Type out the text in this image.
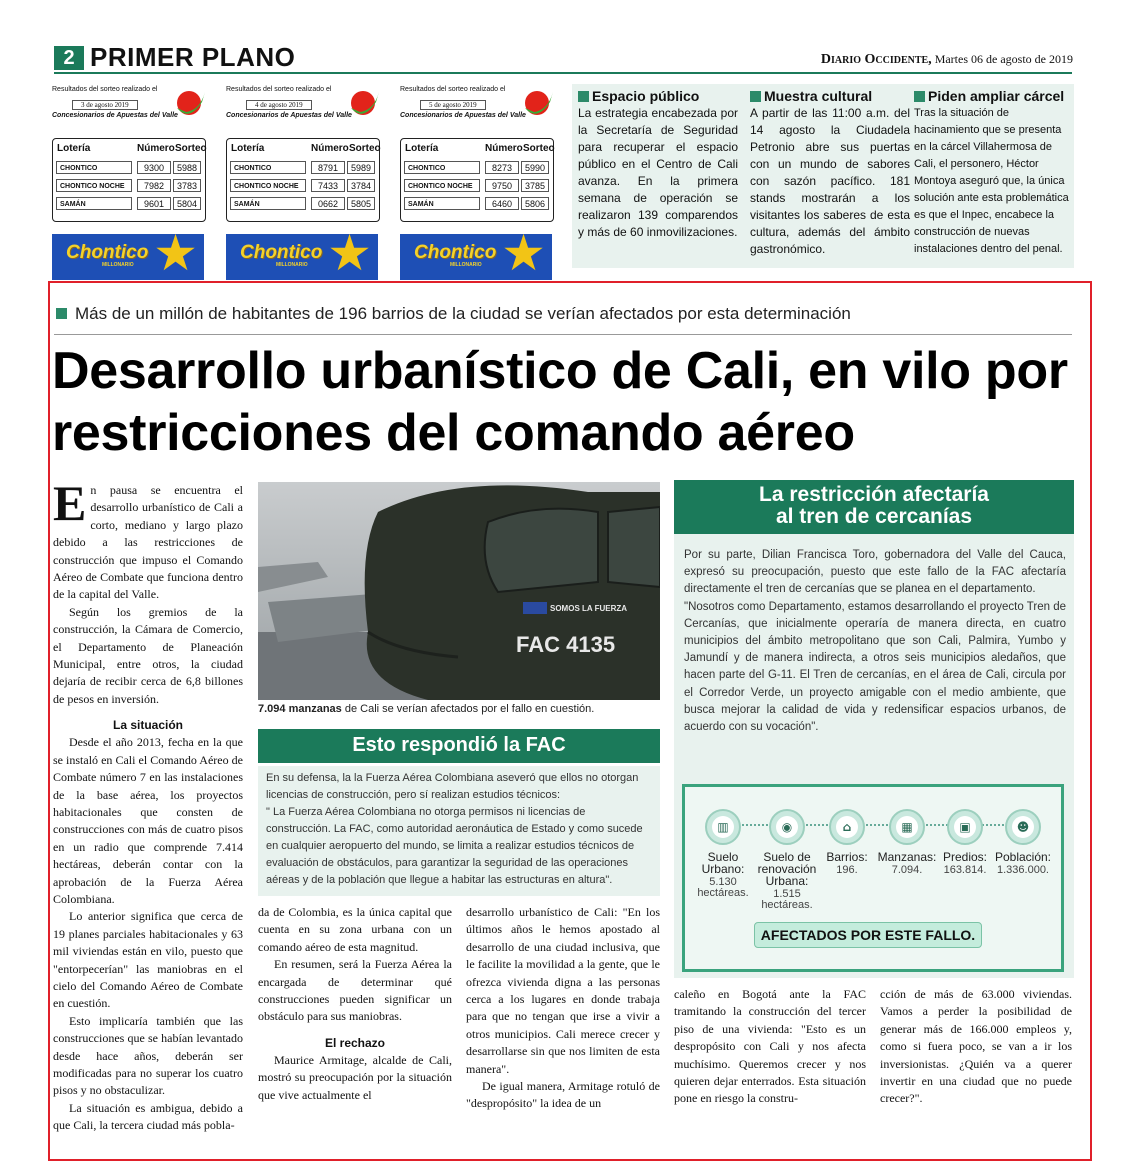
2 PRIMER PLANO	Diario Occidente, Martes 06 de agosto de 2019
Resultados del sorteo realizado el
3 de agosto 2019
Concesionarios de Apuestas del Valle
Lotería	Número Sorteo
CHONTICO	9300	5988
CHONTICO NOCHE	7982	3783
SAMÁN	9601	5804
★
Chontico
MILLONARIO
Resultados del sorteo realizado el
4 de agosto 2019
Concesionarios de Apuestas del Valle
Lotería	Número Sorteo
CHONTICO	8791	5989
CHONTICO NOCHE	7433	3784
SAMÁN	0662	5805
★
Chontico
MILLONARIO
Resultados del sorteo realizado el
5 de agosto 2019
Concesionarios de Apuestas del Valle
Lotería	Número Sorteo
CHONTICO	8273	5990
CHONTICO NOCHE	9750	3785
SAMÁN	6460	5806
★
Chontico
MILLONARIO
Espacio público
La estrategia encabezada por la Secretaría de Seguridad para recuperar el espacio público en el Centro de Cali avanza. En la primera semana de operación se realizaron 139 comparendos y más de 60 inmovilizaciones.
Muestra cultural
A partir de las 11:00 a.m. del 14 agosto la Ciudadela Petronio abre sus puertas con un mundo de sabores con sazón pacífico. 181 stands mostrarán a los visitantes los saberes de esta cultura, además del ámbito gastronómico.
Piden ampliar cárcel
Tras la situación de hacinamiento que se presenta en la cárcel Villahermosa de Cali, el personero, Héctor Montoya aseguró que, la única solución ante esta problemática es que el Inpec, encabece la construcción de nuevas instalaciones dentro del penal.
Más de un millón de habitantes de 196 barrios de la ciudad se verían afectados por esta determinación
Desarrollo urbanístico de Cali, en vilo por restricciones del comando aéreo

En pausa se encuentra el desarrollo urbanístico de Cali a corto, mediano y largo plazo debido a las restricciones de construcción que impuso el Comando Aéreo de Combate que funciona dentro de la capital del Valle.

Según los gremios de la construcción, la Cámara de Comercio, el Departamento de Planeación Municipal, entre otros, la ciudad dejaría de recibir cerca de 6,8 billones de pesos en inversión.

La situación

Desde el año 2013, fecha en la que se instaló en Cali el Comando Aéreo de Combate número 7 en las instalaciones de la base aérea, los proyectos habitacionales que consten de construcciones con más de cuatro pisos en un radio que comprende 7.414 hectáreas, deberán contar con la aprobación de la Fuerza Aérea Colombiana.

Lo anterior significa que cerca de 19 planes parciales habitacionales y 63 mil viviendas están en vilo, puesto que "entorpecerían" las maniobras en el cielo del Comando Aéreo de Combate en cuestión.

Esto implicaría también que las construcciones que se habían levantado desde hace años, deberán ser modificadas para no superar los cuatro pisos y no obstaculizar.

La situación es ambigua, debido a que Cali, la tercera ciudad más pobla-

SOMOS LA FUERZA
FAC 4135
7.094 manzanas de Cali se verían afectados por el fallo en cuestión.
Esto respondió la FAC
En su defensa, la la Fuerza Aérea Colombiana aseveró que ellos no otorgan licencias de construcción, pero sí realizan estudios técnicos:
" La Fuerza Aérea Colombiana no otorga permisos ni licencias de construcción. La FAC, como autoridad aeronáutica de Estado y como sucede en cualquier aeropuerto del mundo, se limita a realizar estudios técnicos de evaluación de obstáculos, para garantizar la seguridad de las operaciones aéreas y de la población que llegue a habitar las estructuras en altura".

da de Colombia, es la única capital que cuenta en su zona urbana con un comando aéreo de esta magnitud.

En resumen, será la Fuerza Aérea la encargada de determinar qué construcciones pueden significar un obstáculo para sus maniobras.

El rechazo

Maurice Armitage, alcalde de Cali, mostró su preocupación por la situación que vive actualmente el

desarrollo urbanístico de Cali: "En los últimos años le hemos apostado al desarrollo de una ciudad inclusiva, que le facilite la movilidad a la gente, que le ofrezca vivienda digna a las personas cerca a los lugares en donde trabaja para que no tengan que irse a vivir a otros municipios. Cali merece crecer y desarrollarse sin que nos limiten de esta manera".

De igual manera, Armitage rotuló de "despropósito" la idea de un

La restricción afectaría
al tren de cercanías
Por su parte, Dilian Francisca Toro, gobernadora del Valle del Cauca, expresó su preocupación, puesto que este fallo de la FAC afectaría directamente el tren de cercanías que se planea en el departamento.
"Nosotros como Departamento, estamos desarrollando el proyecto Tren de Cercanías, que inicialmente operaría de manera directa, en cuatro municipios del ámbito metropolitano que son Cali, Palmira, Yumbo y Jamundí y de manera indirecta, a otros seis municipios aledaños, que hacen parte del G-11. El Tren de cercanías, en el área de Cali, circula por el Corredor Verde, un proyecto amigable con el medio ambiente, que busca mejorar la calidad de vida y redensificar espacios urbanos, de acuerdo con su vocación".
▥
Suelo Urbano:
5.130 hectáreas.
◉
Suelo de renovación Urbana:
1.515 hectáreas.
⌂
Barrios:
196.
▦
Manzanas:
7.094.
▣
Predios:
163.814.
☻
Población:
1.336.000.
AFECTADOS POR ESTE FALLO.

caleño en Bogotá ante la FAC tramitando la construcción del tercer piso de una vivienda: "Esto es un despropósito con Cali y nos afecta muchísimo. Queremos crecer y nos quieren dejar enterrados. Esta situación pone en riesgo la constru-

cción de más de 63.000 viviendas. Vamos a perder la posibilidad de generar más de 166.000 empleos y, como si fuera poco, se van a ir los inversionistas. ¿Quién va a querer invertir en una ciudad que no puede crecer?".
